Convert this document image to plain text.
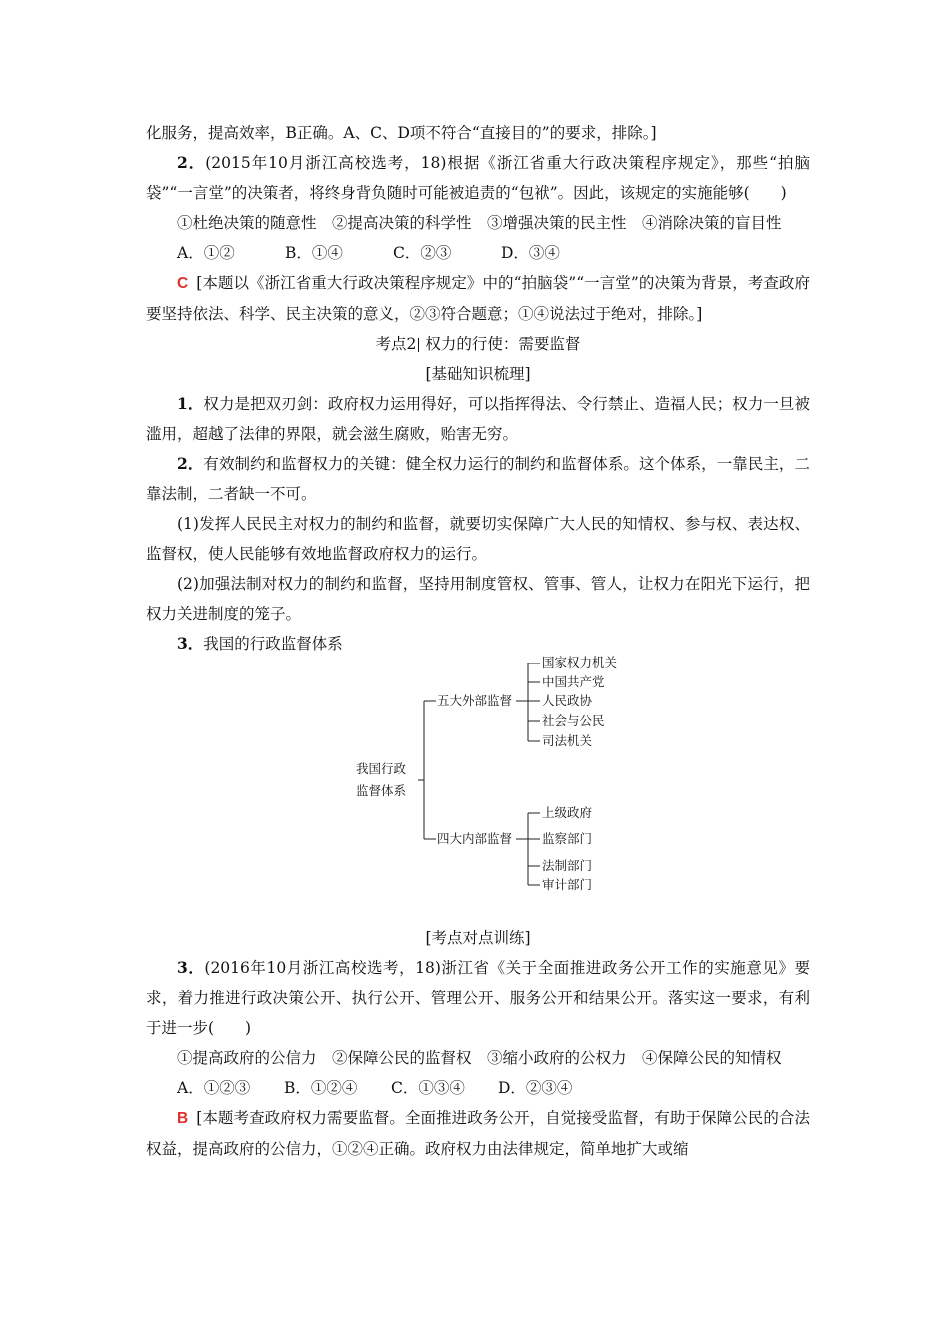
化服务，提高效率，B正确。A、C、D项不符合“直接目的”的要求，排除。]

2．(2015年10月浙江高校选考，18)根据《浙江省重大行政决策程序规定》，那些“拍脑袋”“一言堂”的决策者，将终身背负随时可能被追责的“包袱”。因此，该规定的实施能够(　　)

①杜绝决策的随意性　②提高决策的科学性　③增强决策的民主性　④消除决策的盲目性

A．①②	B．①④	C．②③	D．③④

C [本题以《浙江省重大行政决策程序规定》中的“拍脑袋”“一言堂”的决策为背景，考查政府要坚持依法、科学、民主决策的意义，②③符合题意；①④说法过于绝对，排除。]

考点2 权力的行使：需要监督
[基础知识梳理]

1．权力是把双刃剑：政府权力运用得好，可以指挥得法、令行禁止、造福人民；权力一旦被滥用，超越了法律的界限，就会滋生腐败，贻害无穷。

2．有效制约和监督权力的关键：健全权力运行的制约和监督体系。这个体系，一靠民主，二靠法制，二者缺一不可。

(1)发挥人民民主对权力的制约和监督，就要切实保障广大人民的知情权、参与权、表达权、监督权，使人民能够有效地监督政府权力的运行。

(2)加强法制对权力的制约和监督，坚持用制度管权、管事、管人，让权力在阳光下运行，把权力关进制度的笼子。

3．我国的行政监督体系

我国行政
监督体系
五大外部监督
国家权力机关
中国共产党
人民政协
社会与公民
司法机关
四大内部监督
上级政府
监察部门
法制部门
审计部门
[考点对点训练]

3．(2016年10月浙江高校选考，18)浙江省《关于全面推进政务公开工作的实施意见》要求，着力推进行政决策公开、执行公开、管理公开、服务公开和结果公开。落实这一要求，有利于进一步(　　)

①提高政府的公信力　②保障公民的监督权　③缩小政府的公权力　④保障公民的知情权

A．①②③	B．①②④	C．①③④	D．②③④

B [本题考查政府权力需要监督。全面推进政务公开，自觉接受监督，有助于保障公民的合法权益，提高政府的公信力，①②④正确。政府权力由法律规定，简单地扩大或缩
